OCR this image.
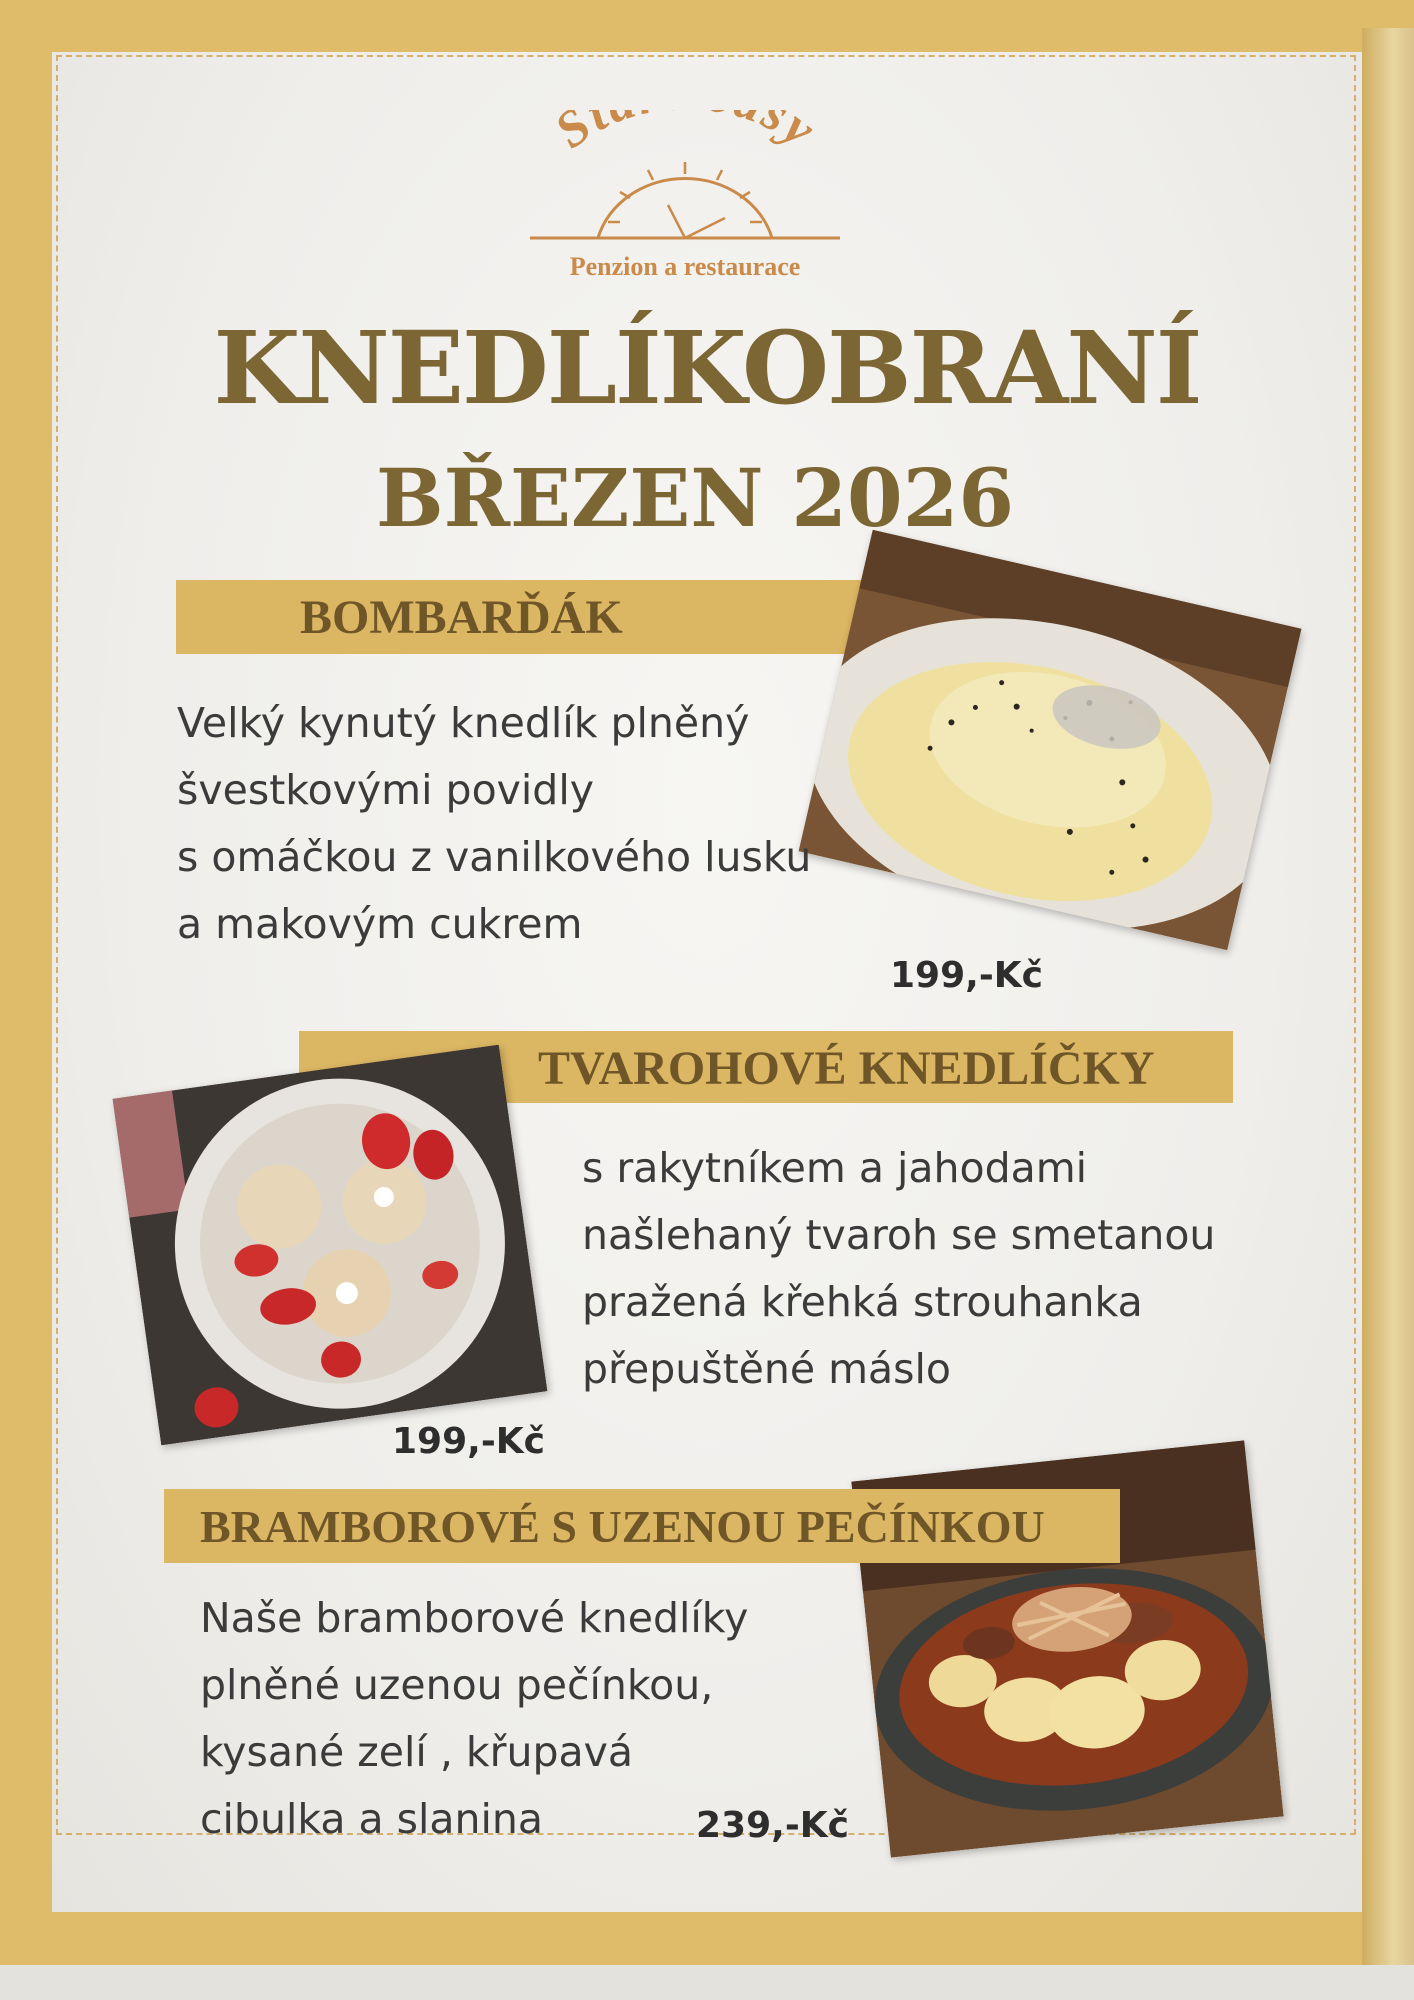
St sy
Penzion a restaurace
KNEDLÍKOBRANÍ
BŘEZEN 2026
BOMBARĎÁK
Velký kynutý knedlík plněný
švestkovými povidly
s omáčkou z vanilkového lusku
a makovým cukrem
199,-Kč
TVAROHOVÉ KNEDLÍČKY
s rakytníkem a jahodami
našlehaný tvaroh se smetanou
pražená křehká strouhanka
přepuštěné máslo
199,-Kč
BRAMBOROVÉ S UZENOU PEČÍNKOU
Naše bramborové knedlíky
plněné uzenou pečínkou,
kysané zelí , křupavá
cibulka a slanina	239,-Kč
